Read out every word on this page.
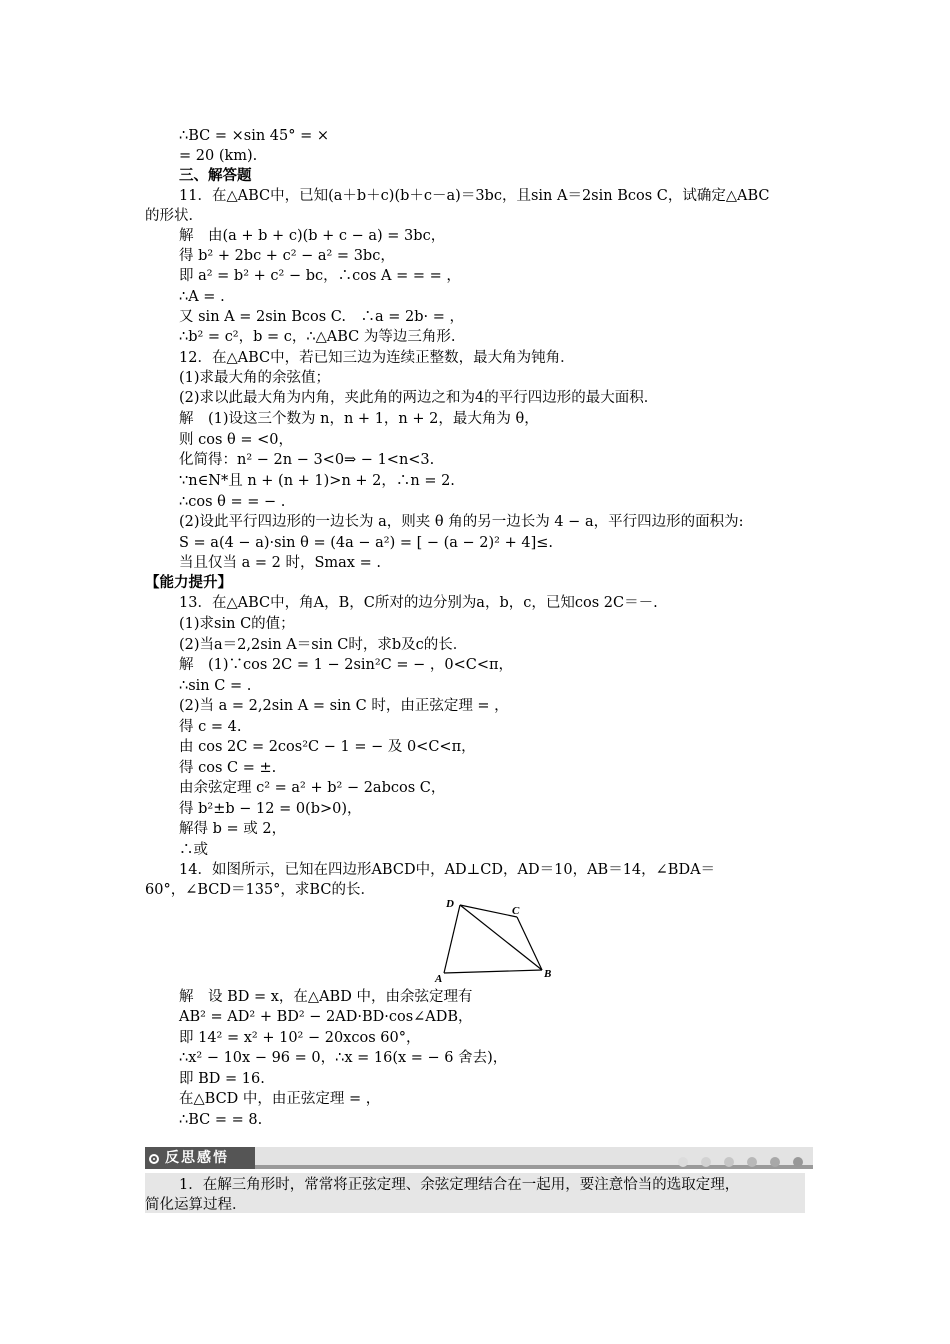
∴BC = ×sin 45° = ×
= 20 (km).
三、解答题
11．在△ABC中，已知(a＋b＋c)(b＋c－a)＝3bc，且sin A＝2sin Bcos C，试确定△ABC
的形状．
解　由(a + b + c)(b + c − a) = 3bc，
得 b² + 2bc + c² − a² = 3bc，
即 a² = b² + c² − bc，∴cos A = = = ，
∴A = .
又 sin A = 2sin Bcos C.　∴a = 2b· = ，
∴b² = c²，b = c，∴△ABC 为等边三角形.
12．在△ABC中，若已知三边为连续正整数，最大角为钝角．
(1)求最大角的余弦值；
(2)求以此最大角为内角，夹此角的两边之和为4的平行四边形的最大面积．
解　(1)设这三个数为 n，n + 1，n + 2，最大角为 θ，
则 cos θ = <0，
化简得：n² − 2n − 3<0⇒ − 1<n<3.
∵n∈N*且 n + (n + 1)>n + 2，∴n = 2.
∴cos θ = = − .
(2)设此平行四边形的一边长为 a，则夹 θ 角的另一边长为 4 − a，平行四边形的面积为:
S = a(4 − a)·sin θ = (4a − a²) = [ − (a − 2)² + 4]≤.
当且仅当 a = 2 时，Smax = .
【能力提升】
13．在△ABC中，角A，B，C所对的边分别为a，b，c，已知cos 2C＝－.
(1)求sin C的值；
(2)当a＝2,2sin A＝sin C时，求b及c的长．
解　(1)∵cos 2C = 1 − 2sin²C = − ，0<C<π，
∴sin C = .
(2)当 a = 2,2sin A = sin C 时，由正弦定理 = ，
得 c = 4.
由 cos 2C = 2cos²C − 1 = − 及 0<C<π，
得 cos C = ±.
由余弦定理 c² = a² + b² − 2abcos C，
得 b²±b − 12 = 0(b>0)，
解得 b = 或 2，
∴或
14．如图所示，已知在四边形ABCD中，AD⊥CD，AD＝10，AB＝14，∠BDA＝
60°，∠BCD＝135°，求BC的长．
D
C
A	B
解　设 BD = x，在△ABD 中，由余弦定理有
AB² = AD² + BD² − 2AD·BD·cos∠ADB，
即 14² = x² + 10² − 20xcos 60°，
∴x² − 10x − 96 = 0，∴x = 16(x = − 6 舍去)，
即 BD = 16.
在△BCD 中，由正弦定理 = ，
∴BC = = 8.
反思感悟

1．在解三角形时，常常将正弦定理、余弦定理结合在一起用，要注意恰当的选取定理，
简化运算过程．
